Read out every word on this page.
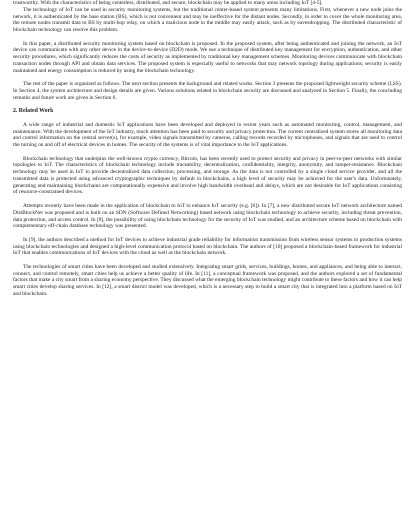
trustworthy. With the characteristics of being centerless, distributed, and secure, blockchain may be applied to many areas including IoT [4-5].

The technology of IoT can be used in security monitoring systems, but the traditional center-based system presents many limitations. First, whenever a new node joins the network, it is authenticated by the base station (BS), which is not convenient and may be ineffective for the distant nodes. Secondly, in order to cover the whole monitoring area, the remote nodes transmit data to BS by multi-hop relay, on which a malicious node in the middle may easily attack, such as by eavesdropping. The distributed characteristic of blockchain technology can resolve this problem.

In this paper, a distributed security monitoring system based on blockchain is proposed. In the proposed system, after being authenticated and joining the network, an IoT device can communicate with any other device in the device-to-device (D2D) mode. We use a technique of distributed key management for encryption, authentication, and other security procedures, which significantly reduces the costs of security as implemented by traditional key management schemes. Monitoring devices communicate with blockchain transaction nodes through API and obtain data services. The proposed system is especially useful to networks that may network topology during applications; security is easily maintained and energy consumption is reduced by using the blockchain technology.

The rest of the paper is organized as follows. The next section presents the background and related works. Section 3 presents the proposed lightweight security scheme (LSS). In Section 4, the system architecture and design details are given. Various solutions related to blockchain security are discussed and analyzed in Section 5. Finally, the concluding remarks and future work are given in Section 6.

2. Related Work

A wide range of industrial and domestic IoT applications have been developed and deployed in recent years such as automated monitoring, control, management, and maintenance. With the development of the IoT industry, much attention has been paid to security and privacy protection. The current centralized system stores all monitoring data and control information on the central server(s), for example, video signals transmitted by cameras, calling records recorded by microphones, and signals that are used to control the turning on and off of electrical devices in homes. The security of the systems is of vital importance to the IoT applications.

Blockchain technology that underpins the well-known crypto currency, Bitcoin, has been recently used to protect security and privacy in peer-to-peer networks with similar topologies to IoT. The characteristics of blockchain technology include traceability, decentralization, confidentiality, integrity, anonymity, and tamper-resistance. Blockchain technology may be used in IoT to provide decentralized data collection, processing, and storage. As the data is not controlled by a single cloud service provider, and all the transmitted data is protected using advanced cryptographic techniques by default in blockchains, a high level of security may be achieved for the user's data. Unfortunately, generating and maintaining blockchains are computationally expensive and involve high bandwidth overhead and delays, which are not desirable for IoT applications consisting of resource-constrained devices.

Attempts recently have been made in the application of blockchain to IoT to enhance IoT security (e.g. [6]). In [7], a new distributed secure IoT network architecture named DistBlockNet was proposed and is built on an SDN (Software Defined Networking) based network using blockchain technology to achieve security, including threat prevention, data protection, and access control. In [8], the possibility of using blockchain technology for the security of IoT was studied, and an architecture scheme based on blockchain with complementary off-chain database technology was presented.

In [9], the authors described a method for IoT devices to achieve industrial grade reliability for information transmission from wireless sensor systems to production systems using blockchain technologies and designed a high-level communication protocol based on blockchain. The authors of [10] proposed a blockchain-based framework for industrial IoT that enables communications of IoT devices with the cloud as well as the blockchain network.

The technologies of smart cities have been developed and studied extensively. Integrating smart grids, services, buildings, homes, and appliances, and being able to interact, connect, and control remotely, smart cities help us achieve a better quality of life. In [11], a conceptual framework was proposed, and the authors explored a set of fundamental factors that make a city smart from a sharing economy perspective. They discussed what the emerging blockchain technology might contribute to these factors and how it can help smart cities develop sharing services. In [12], a smart district model was developed, which is a necessary step to build a smart city that is integrated into a platform based on IoT and blockchain.
